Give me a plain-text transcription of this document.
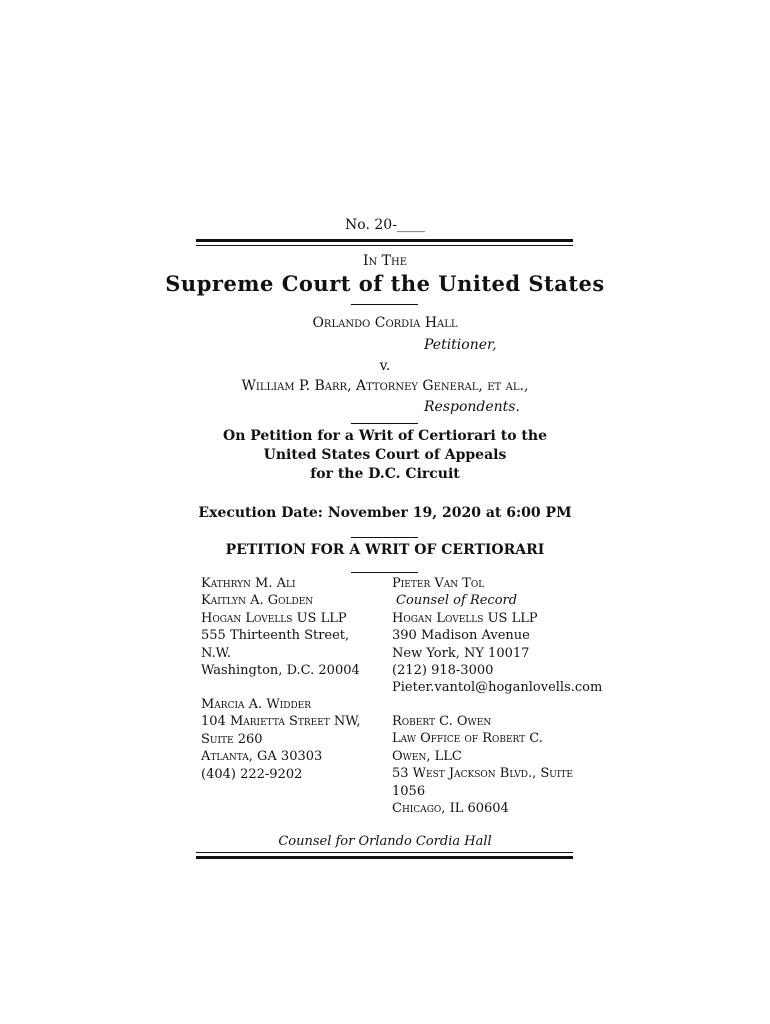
No. 20-____
In The
Supreme Court of the United States
Orlando Cordia Hall
Petitioner,
v.
William P. Barr, Attorney General, et al.,
Respondents.
On Petition for a Writ of Certiorari to the
United States Court of Appeals
for the D.C. Circuit
Execution Date: November 19, 2020 at 6:00 PM
PETITION FOR A WRIT OF CERTIORARI
Kathryn M. Ali
Kaitlyn A. Golden
Hogan Lovells US LLP
555 Thirteenth Street,
N.W.
Washington, D.C. 20004
Marcia A. Widder
104 Marietta Street NW,
Suite 260
Atlanta, GA 30303
(404) 222-9202
Pieter Van Tol
Counsel of Record
Hogan Lovells US LLP
390 Madison Avenue
New York, NY 10017
(212) 918-3000
Pieter.vantol@hoganlovells.com
Robert C. Owen
Law Office of Robert C.
Owen, LLC
53 West Jackson Blvd., Suite
1056
Chicago, IL 60604
Counsel for Orlando Cordia Hall
